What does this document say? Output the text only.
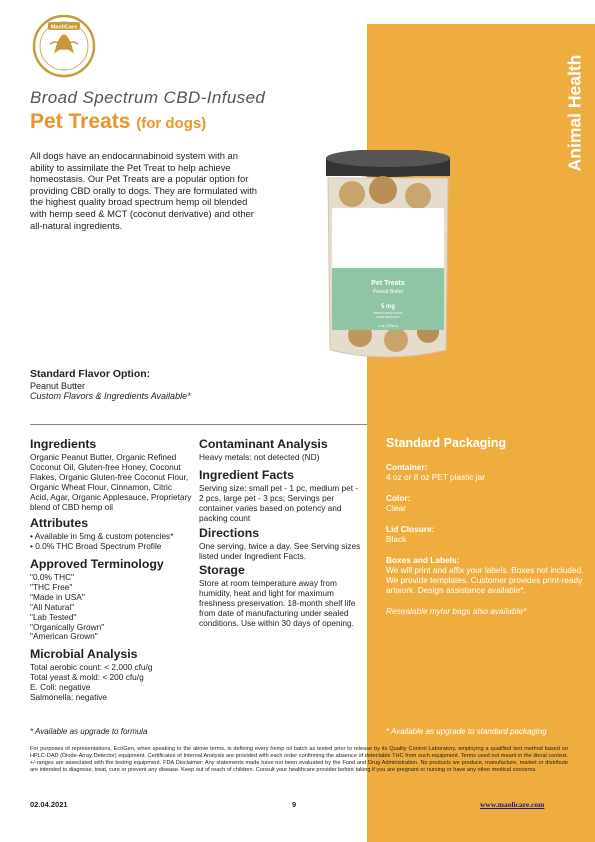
Animal Health
MaoliCare
Broad Spectrum CBD-Infused
Pet Treats (for dogs)
All dogs have an endocannabinoid system with an ability to assimilate the Pet Treat to help achieve homeostasis. Our Pet Treats are a popular option for providing CBD orally to dogs. They are formulated with the highest quality broad spectrum hemp oil blended with hemp seed & MCT (coconut derivative) and other all-natural ingredients.
Pet Treats
Peanut Butter
5 mg
BROAD SPECTRUM
HEMP EXTRACT
4 oz (120mL)
Standard Flavor Option:
Peanut Butter
Custom Flavors & Ingredients Available*
Ingredients

Organic Peanut Butter, Organic Refined Coconut Oil, Gluten-free Honey, Coconut Flakes, Organic Gluten-free Coconut Flour, Organic Wheat Flour, Cinnamon, Citric Acid, Agar, Organic Applesauce, Proprietary blend of CBD hemp oil

Attributes
• Available in 5mg & custom potencies*
• 0.0% THC Broad Spectrum Profile
Approved Terminology

"0.0% THC"

"THC Free"

"Made in USA"

"All Natural"

"Lab Tested"

"Organically Grown"

"American Grown"

Microbial Analysis

Total aerobic count: < 2,000 cfu/g

Total yeast & mold: < 200 cfu/g

E. Coli: negative

Salmonella: negative

Contaminant Analysis

Heavy metals: not detected (ND)

Ingredient Facts

Serving size: small pet - 1 pc, medium pet - 2 pcs, large pet - 3 pcs; Servings per container varies based on potency and packing count

Directions

One serving, twice a day. See Serving sizes listed under Ingredient Facts.

Storage

Store at room temperature away from humidity, heat and light for maximum freshness preservation. 18-month shelf life from date of manufacturing under sealed conditions. Use within 30 days of opening.

Standard Packaging
Container:
4 oz or 8 oz PET plastic jar
Color:
Clear
Lid Closure:
Black
Boxes and Labels:
We will print and affix your labels. Boxes not included. We provide templates. Customer provides print-ready artwork. Design assistance available*.
Resealable mylar bags also available*
* Available as upgrade to formula	* Available as upgrade to standard packaging
For purposes of representations, EcoGen, when speaking to the above terms, is defining every hemp oil batch as tested prior to release by its Quality Control Laboratory, employing a qualified test method based on HPLC-DAD (Diode-Array Detector) equipment. Certificates of Internal Analysis are provided with each order confirming the absence of detectable THC from such equipment. Terms used not meant in the literal context. +/-ranges are associated with the testing equipment. FDA Disclaimer: Any statements made have not been evaluated by the Food and Drug Administration. No products we produce, manufacture, market or distribute are intended to diagnose, treat, cure or prevent any disease. Keep out of reach of children. Consult your healthcare provider before taking if you are pregnant or nursing or have any other medical concerns.
02.04.2021	9	www.maolicare.com
